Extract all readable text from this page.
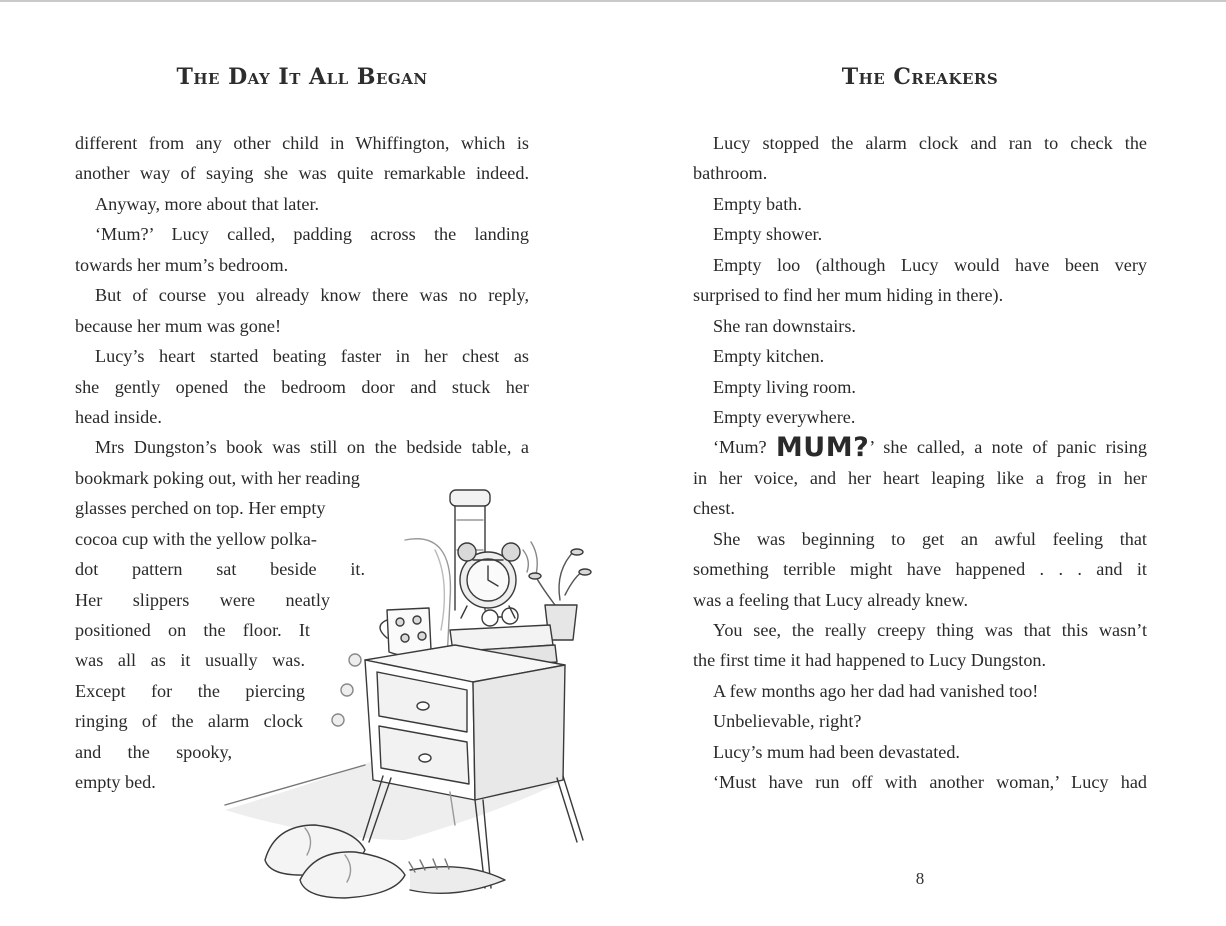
The Day It All Began
different from any other child in Whiffington, which is
another way of saying she was quite remarkable indeed.
Anyway, more about that later.
‘Mum?’ Lucy called, padding across the landing
towards her mum’s bedroom.
But of course you already know there was no reply,
because her mum was gone!
Lucy’s heart started beating faster in her chest as
she gently opened the bedroom door and stuck her
head inside.
Mrs Dungston’s book was still on the bedside table, a
bookmark poking out, with her reading
glasses perched on top. Her empty
cocoa cup with the yellow polka-
dot pattern sat beside it.
Her slippers were neatly
positioned on the floor. It
was all as it usually was.
Except for the piercing
ringing of the alarm clock
and the spooky,
empty bed.
The Creakers
Lucy stopped the alarm clock and ran to check the
bathroom.
Empty bath.
Empty shower.
Empty loo (although Lucy would have been very
surprised to find her mum hiding in there).
She ran downstairs.
Empty kitchen.
Empty living room.
Empty everywhere.
‘Mum? MUM?’ she called, a note of panic rising
in her voice, and her heart leaping like a frog in her
chest.
She was beginning to get an awful feeling that
something terrible might have happened . . . and it
was a feeling that Lucy already knew.
You see, the really creepy thing was that this wasn’t
the first time it had happened to Lucy Dungston.
A few months ago her dad had vanished too!
Unbelievable, right?
Lucy’s mum had been devastated.
‘Must have run off with another woman,’ Lucy had
8
